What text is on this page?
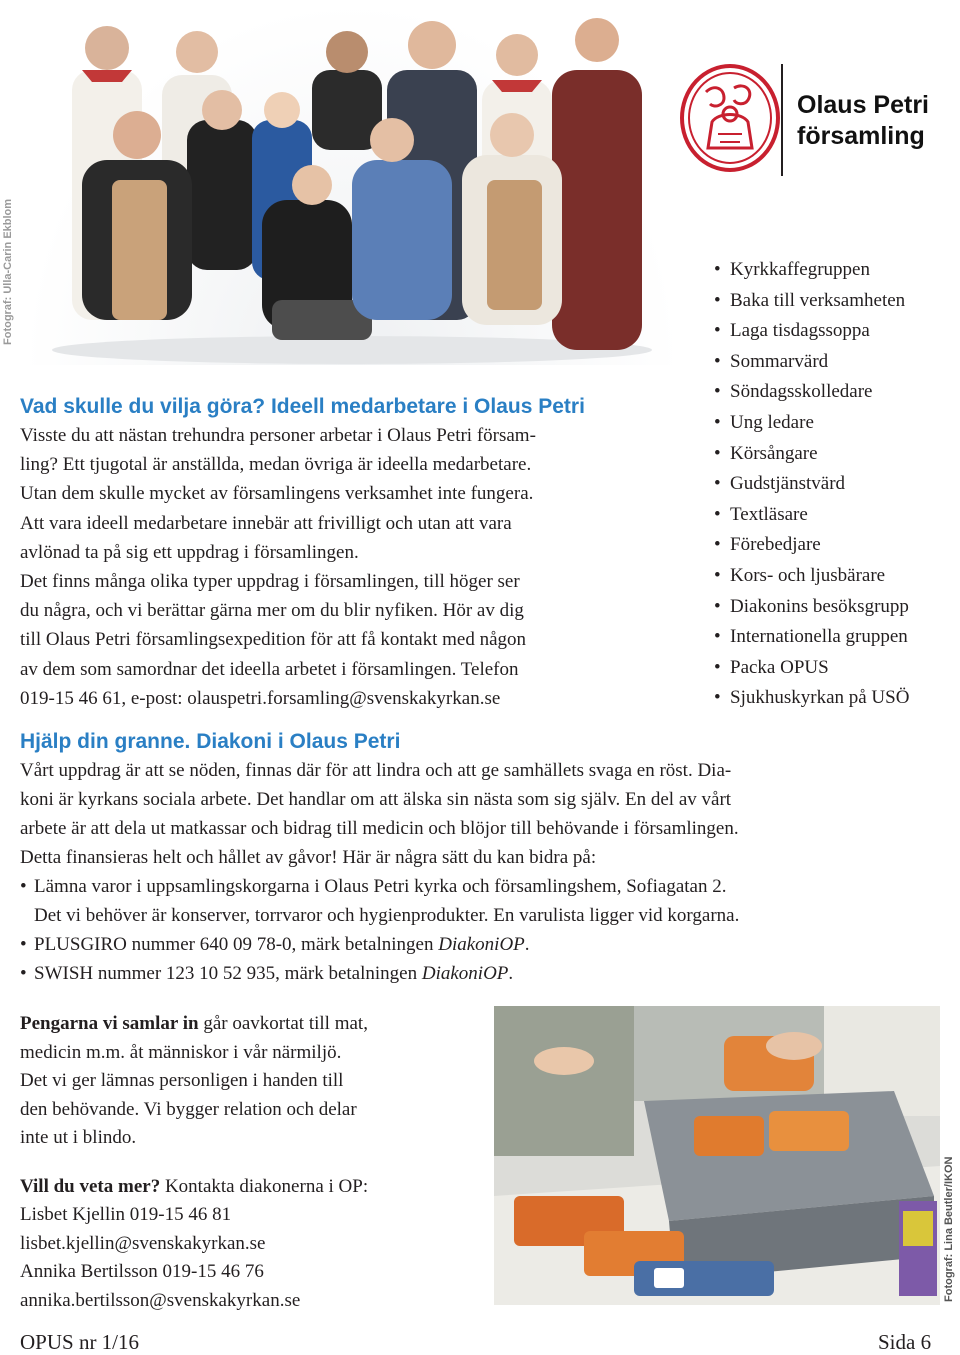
Fotograf: Ulla-Carin Ekblom
Fotograf: Lina Beutler/IKON
Olaus Petri
församling
Vad skulle du vilja göra? Ideell medarbetare i Olaus Petri

Visste du att nästan trehundra personer arbetar i Olaus Petri försam-

ling? Ett tjugotal är anställda, medan övriga är ideella medarbetare.

Utan dem skulle mycket av församlingens verksamhet inte fungera.

Att vara ideell medarbetare innebär att frivilligt och utan att vara

avlönad ta på sig ett uppdrag i församlingen.

Det finns många olika typer uppdrag i församlingen, till höger ser

du några, och vi berättar gärna mer om du blir nyfiken. Hör av dig

till Olaus Petri församlingsexpedition för att få kontakt med någon

av dem som samordnar det ideella arbetet i församlingen. Telefon

019-15 46 61, e-post: olauspetri.forsamling@svenskakyrkan.se

• Kyrkkaffegruppen
• Baka till verksamheten
• Laga tisdagssoppa
• Sommarvärd
• Söndagsskolledare
• Ung ledare
• Körsångare
• Gudstjänstvärd
• Textläsare
• Förebedjare
• Kors- och ljusbärare
• Diakonins besöksgrupp
• Internationella gruppen
• Packa OPUS
• Sjukhuskyrkan på USÖ
Hjälp din granne. Diakoni i Olaus Petri

Vårt uppdrag är att se nöden, finnas där för att lindra och att ge samhällets svaga en röst. Dia-

koni är kyrkans sociala arbete. Det handlar om att älska sin nästa som sig själv. En del av vårt

arbete är att dela ut matkassar och bidrag till medicin och blöjor till behövande i församlingen.

Detta finansieras helt och hållet av gåvor! Här är några sätt du kan bidra på:

• Lämna varor i uppsamlingskorgarna i Olaus Petri kyrka och församlingshem, Sofiagatan 2.
Det vi behöver är konserver, torrvaror och hygienprodukter. En varulista ligger vid korgarna.
• PLUSGIRO nummer 640 09 78-0, märk betalningen DiakoniOP.
• SWISH nummer 123 10 52 935, märk betalningen DiakoniOP.

Pengarna vi samlar in går oavkortat till mat,

medicin m.m. åt människor i vår närmiljö.

Det vi ger lämnas personligen i handen till

den behövande. Vi bygger relation och delar

inte ut i blindo.

Vill du veta mer? Kontakta diakonerna i OP:

Lisbet Kjellin 019-15 46 81

lisbet.kjellin@svenskakyrkan.se

Annika Bertilsson 019-15 46 76

annika.bertilsson@svenskakyrkan.se

OPUS nr 1/16	Sida 6
